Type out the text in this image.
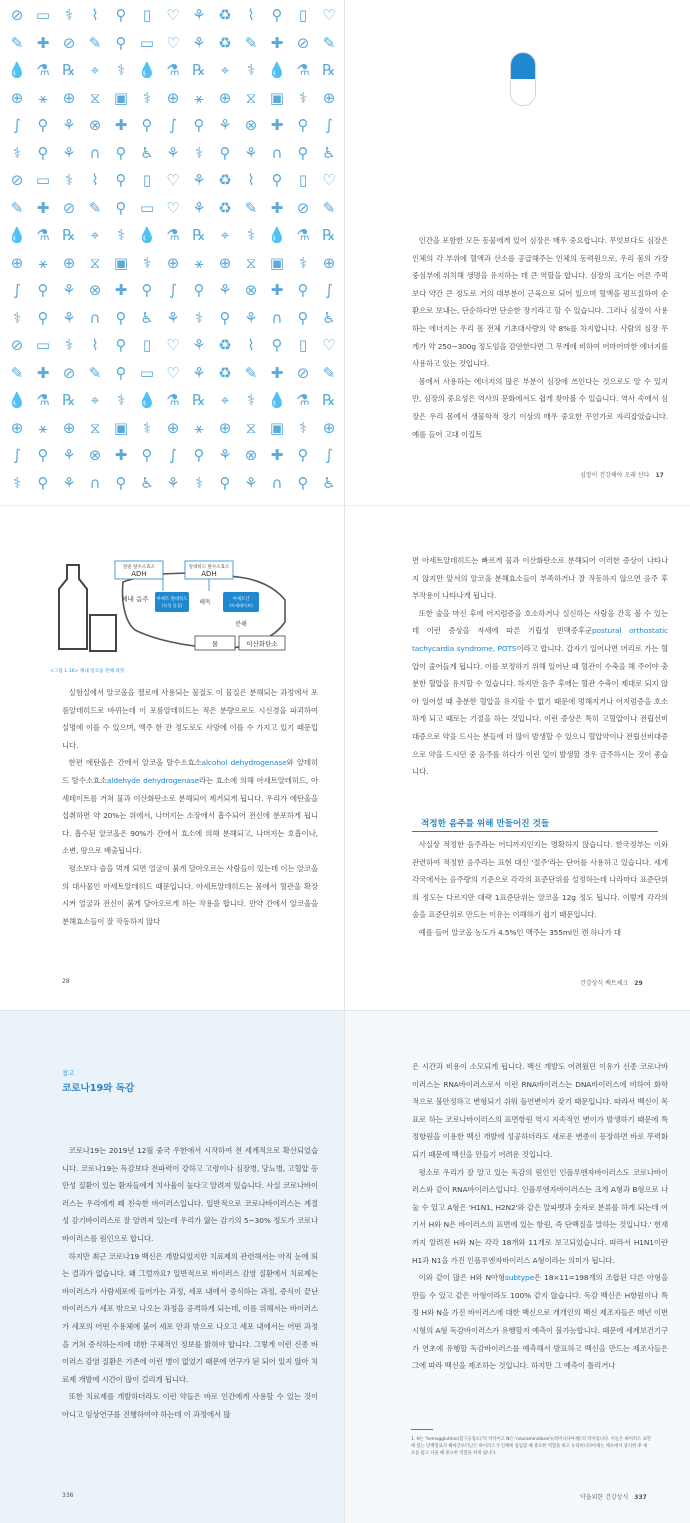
⊘ ▭ ⚕	⌇	⚲	▯	♡ ⚘ ♻	⌇	⚲	▯	♡
✎ ✚ ⊘ ✎ ⚲ ▭ ♡ ⚘ ♻ ✎ ✚ ⊘ ✎
💧 ⚗ ℞	⌖	⚕ 💧 ⚗ ℞	⌖	⚕ 💧 ⚗ ℞
⊕	⚹	⊕ ⧖ ▣ ⚕	⊕	⚹	⊕ ⧖ ▣ ⚕	⊕
∫	⚲ ⚘ ⊗ ✚ ⚲	∫	⚲ ⚘ ⊗ ✚ ⚲	∫
⚕	⚲ ⚘ ∩	⚲ ♿ ⚘	⚕	⚲ ⚘ ∩	⚲ ♿
⊘ ▭ ⚕	⌇	⚲	▯	♡ ⚘ ♻	⌇	⚲	▯	♡
✎ ✚ ⊘ ✎ ⚲ ▭ ♡ ⚘ ♻ ✎ ✚ ⊘ ✎
💧 ⚗ ℞	⌖	⚕ 💧 ⚗ ℞	⌖	⚕ 💧 ⚗ ℞
⊕	⚹	⊕ ⧖ ▣ ⚕	⊕	⚹	⊕ ⧖ ▣ ⚕	⊕
∫	⚲ ⚘ ⊗ ✚ ⚲	∫	⚲ ⚘ ⊗ ✚ ⚲	∫
⚕	⚲ ⚘ ∩	⚲ ♿ ⚘	⚕	⚲ ⚘ ∩	⚲ ♿
⊘ ▭ ⚕	⌇	⚲	▯	♡ ⚘ ♻	⌇	⚲	▯	♡
✎ ✚ ⊘ ✎ ⚲ ▭ ♡ ⚘ ♻ ✎ ✚ ⊘ ✎
💧 ⚗ ℞	⌖	⚕ 💧 ⚗ ℞	⌖	⚕ 💧 ⚗ ℞
⊕	⚹	⊕ ⧖ ▣ ⚕	⊕	⚹	⊕ ⧖ ▣ ⚕	⊕
∫	⚲ ⚘ ⊗ ✚ ⚲	∫	⚲ ⚘ ⊗ ✚ ⚲	∫
⚕	⚲ ⚘ ∩	⚲ ♿ ⚘	⚕	⚲ ⚘ ∩	⚲ ♿

인간을 포함한 모든 동물에게 있어 심장은 매우 중요합니다. 무엇보다도 심장은 인체의 각 부위에 혈액과 산소를 공급해주는 인체의 동력원으로, 우리 몸의 가장 중심부에 위치해 생명을 유지하는 데 큰 역할을 합니다. 심장의 크기는 어른 주먹보다 약간 큰 정도로 거의 대부분이 근육으로 되어 있으며 혈액을 펌프질하여 순환으로 보내는, 단순하다면 단순한 장기라고 할 수 있습니다. 그러나 심장이 사용하는 에너지는 우리 몸 전체 기초대사량의 약 8%를 차지합니다. 사람의 심장 무게가 약 250~300g 정도임을 감안한다면 그 무게에 비하여 어마어마한 에너지를 사용하고 있는 것입니다.

몸에서 사용하는 에너지의 많은 부분이 심장에 쓰인다는 것으로도 알 수 있지만, 심장의 중요성은 역사의 문화에서도 쉽게 찾아볼 수 있습니다. 역사 속에서 심장은 우리 몸에서 생물학적 장기 이상의 매우 중요한 무언가로 자리잡았습니다. 예를 들어 고대 이집트

심장이 건강해야 오래 산다 17
알콜 탈수소효소
ADH
알데히드 탈수소효소
ADH
체내 음주 아세트 알데히드
(독성 물질)	해독	아세트산
(아세테이트)
분해
물	이산화탄소
<그림 1-16> 체내 알코올 분해 과정

실험실에서 알코올을 젤로에 사용되는 물질도 이 물질은 분해되는 과정에서 포름알데히드로 바뀌는데 이 포름알데히드는 적은 분량으로도 시신경을 파괴하여 실명에 이를 수 있으며, 액주 한 잔 정도로도 사망에 이를 수 가지고 있기 때문입니다.

한편 에탄올은 간에서 알코올 탈수소효소alcohol dehydrogenase와 알데히드 탈수소효소aldehyde dehydrogenase라는 효소에 의해 아세트알데히드, 아세테이트를 거쳐 물과 이산화탄소로 분해되어 제거되게 됩니다. 우리가 에탄올을 섭취하면 약 20%는 위에서, 나머지는 소장에서 흡수되어 전신에 분포하게 됩니다. 흡수된 알코올은 90%가 간에서 효소에 의해 분해되고, 나머지는 호흡이나, 소변, 땀으로 배출됩니다.

평소보다 술을 먹게 되면 얼굴이 붉게 달아오르는 사람들이 있는데 이는 알코올의 대사물인 아세트알데히드 때문입니다. 아세트알데히드는 몸에서 혈관을 확장시켜 얼굴과 전신이 붉게 달아오르게 하는 작용을 합니다. 만약 간에서 알코올을 분해효소들이 잘 작동하지 않다

28

면 아세트알데히드는 빠르게 물과 이산화탄소로 분해되어 이러한 증상이 나타나지 않지만 앞서의 알코올 분해효소들이 부족하거나 잘 작동하지 않으면 음주 후 부작용이 나타나게 됩니다.

또한 술을 마신 후에 어지럼증을 호소하거나 실신하는 사람을 간혹 볼 수 있는데 이런 증상을 자세에 따른 기립성 빈맥증후군postural orthostatic tachycardia syndrome, POTS이라고 합니다. 갑자기 일어나면 머리로 가는 혈압이 줄어들게 됩니다. 이를 보정하기 위해 일어난 때 혈관이 수축을 해 주어야 충분한 혈압을 유지할 수 있습니다. 하지만 음주 후에는 혈관 수축이 제대로 되지 않아 일어설 때 충분한 혈압을 유지할 수 없기 때문에 멍해지거나 어지럼증을 호소하게 되고 때로는 기절을 하는 것입니다. 이런 증상은 특히 고혈압이나 전립선비대증으로 약을 드시는 분들에 더 많이 발생할 수 있으니 혈압약이나 전립선비대증으로 약을 드시던 중 음주를 하다가 이런 일이 발생할 경우 금주하시는 것이 좋습니다.

적정한 음주를 위해 만들어진 것들

사실상 적정한 음주라는 어디까지인지는 명확하지 않습니다. 한국정부는 이와 관련하여 적정한 음주라는 표현 대신 '절주'라는 단어를 사용하고 있습니다. 세계 각국에서는 음주량의 기준으로 각각의 표준단위를 설정하는데 나라마다 표준단위의 정도는 다르지만 대략 1표준단위는 알코올 12g 정도 됩니다. 이렇게 각각의 술을 표준단위로 만드는 이유는 이해하기 쉽기 때문입니다.

예를 들어 알코올 농도가 4.5%인 맥주는 355ml인 캔 하나가 대

건강상식 백트체크 29
참고
코로나19와 독감

코로나19는 2019년 12월 중국 우한에서 시작하여 전 세계적으로 확산되었습니다. 코로나19는 독감보다 전파력이 강하고 고령이나 심장병, 당뇨병, 고혈압 등 만성 질환이 있는 환자들에게 치사율이 높다고 알려져 있습니다. 사실 코로나바이러스는 우리에게 꽤 친숙한 바이러스입니다. 일반적으로 코로나바이러스는 계절성 감기바이러스로 잘 알려져 있는데 우리가 앓는 감기의 5~30% 정도가 코로나바이러스를 원인으로 합니다.

하지만 최근 코로나19 백신은 개발되었지만 치료제의 관련해서는 아직 눈에 띄는 결과가 없습니다. 왜 그럴까요? 일반적으로 바이러스 감염 질환에서 치료제는 바이러스가 사람세포에 들어가는 과정, 세포 내에서 증식하는 과정, 증식이 끝난 바이러스가 세포 밖으로 나오는 과정을 공격하게 되는데, 이를 위해서는 바이러스가 세포의 어떤 수용체에 붙어 세포 안과 밖으로 나오고 세포 내에서는 어떤 과정을 거쳐 증식하는지에 대한 구체적인 정보를 밝혀야 합니다. 그렇게 이런 신종 바이러스 감염 질환은 기존에 이런 병이 없었기 때문에 연구가 된 되어 있지 않아 치료제 개발에 시간이 많이 걸리게 됩니다.

또한 치료제를 개발하더라도 이런 약들은 바로 인간에게 사용할 수 있는 것이 아니고 임상연구를 진행하여야 하는데 이 과정에서 많

336

은 시간과 비용이 소모되게 됩니다. 백신 개발도 어려웠던 이유가 신종 코로나바이러스는 RNA바이러스로서 이런 RNA바이러스는 DNA바이러스에 비하여 화학적으로 불안정하고 변형되기 쉬워 돌연변이가 잦기 때문입니다. 따라서 백신이 목표로 하는 코로나바이러스의 표면항원 역시 지속적인 변이가 발생하기 때문에 특정항원을 이용한 백신 개발에 성공하더라도 새로운 변종이 등장하면 바로 무력화되기 때문에 백신을 만들기 어려운 것입니다.

평소로 우리가 잘 알고 있는 독감의 원인인 인플루엔자바이러스도 코로나바이러스와 같이 RNA바이러스입니다. 인플루엔자바이러스는 크게 A형과 B형으로 나눌 수 있고 A형은 'H1N1, H2N2'와 같은 알파벳과 숫자로 분류를 하게 되는데 여기서 H와 N은 바이러스의 표면에 있는 항원, 즉 단백질을 말하는 것입니다.' 헌재까지 알려진 H와 N는 각각 18개와 11개로 보고되었습니다. 따라서 H1N1이란 H1과 N1을 가진 인플루엔자바이러스 A형이라는 의미가 됩니다.

이와 같이 많은 H와 N아형subtype은 18×11=198개의 조합된 다른 아형을 만들 수 있고 같은 아형이라도 100% 같지 않습니다. 독감 백신은 H항원이나 특정 H와 N을 가진 바이러스에 대한 백신으로 개개인의 백신 제조자들은 매년 이번 시형의 A형 독감바이러스가 유행할지 예측이 불가능합니다. 때문에 세계보건기구가 연초에 유행할 독감바이러스를 예측해서 발표하고 백신을 만드는 제조사들은 그에 따라 백신을 제조하는 것입니다. 하지만 그 예측이 틀리거나

1. H는 'hemagglutinin(혈구응집소)'의 약자이고 N은 'neuraminidase(뉴라미니다아제)'의 약자입니다. 이들은 바이러스 표면에 있는 단백질로서 헤마글루티닌은 바이러스가 인체에 침입할 때 중요한 역할을 하고 뉴라미니다아제는 세포에서 증식한 후 세포를 뚫고 나올 때 중요한 역할을 하게 됩니다.
약을위한 건강상식 337
